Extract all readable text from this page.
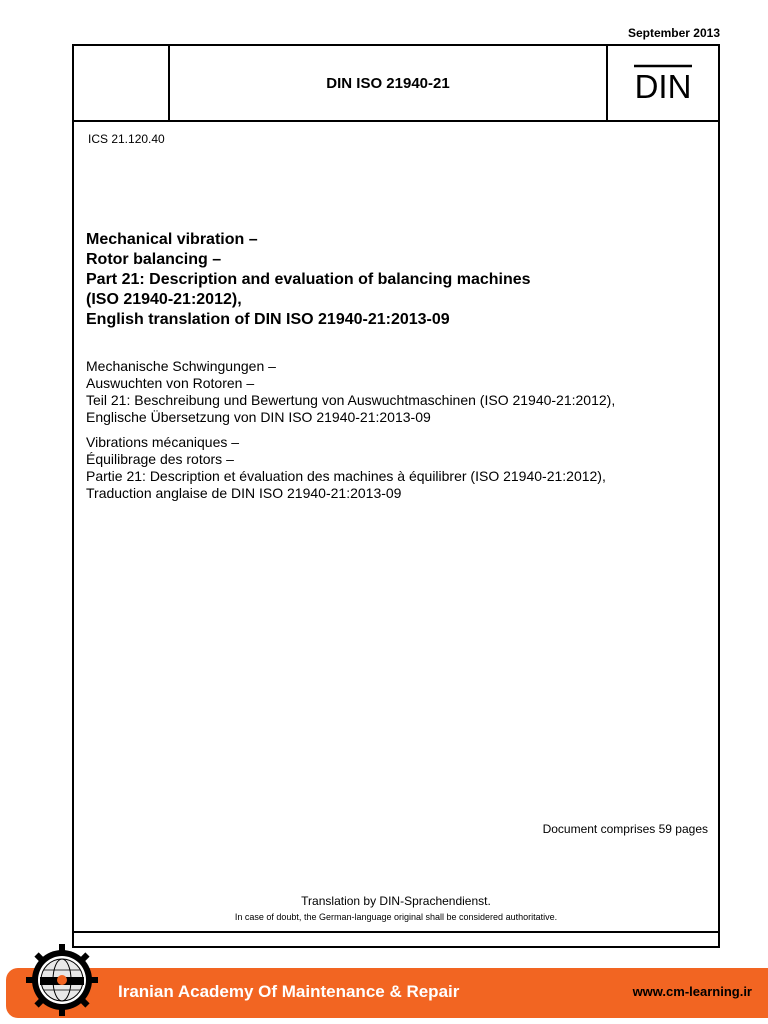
September 2013
DIN ISO 21940-21	DIN
ICS 21.120.40
Mechanical vibration –
Rotor balancing –
Part 21: Description and evaluation of balancing machines
(ISO 21940-21:2012),
English translation of DIN ISO 21940-21:2013-09
Mechanische Schwingungen –
Auswuchten von Rotoren –
Teil 21: Beschreibung und Bewertung von Auswuchtmaschinen (ISO 21940-21:2012),
Englische Übersetzung von DIN ISO 21940-21:2013-09
Vibrations mécaniques –
Équilibrage des rotors –
Partie 21: Description et évaluation des machines à équilibrer (ISO 21940-21:2012),
Traduction anglaise de DIN ISO 21940-21:2013-09
Document comprises 59 pages
Translation by DIN-Sprachendienst.
In case of doubt, the German-language original shall be considered authoritative.
Iranian Academy Of Maintenance & Repair	www.cm-learning.ir
